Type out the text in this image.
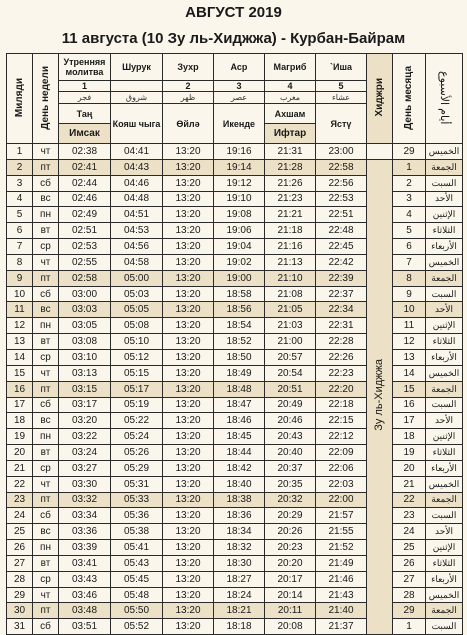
АВГУСТ 2019
11 августа (10 Зу ль-Хиджжа) - Курбан-Байрам
Миляди	День недели	Утренняя молитва	Шурук	Зухр	Аср	Магриб	`Иша	Хиджри	День месяца	أيام الأسبوع
		1		2	3	4	5			
		فجر	شروق	ظهر	عصر	مغرب	عشاء			
		Таң	Кояш чыга	Өйлә	Икенде	Ахшам	Ястү			
		Имсак				Ифтар				
1	чт	02:38	04:41	13:20	19:16	21:31	23:00		29	الخميس
2	пт	02:41	04:43	13:20	19:14	21:28	22:58	Зу ль-Хиджжа	1	الجمعة
3	сб	02:44	04:46	13:20	19:12	21:26	22:56		2	السبت
4	вс	02:46	04:48	13:20	19:10	21:23	22:53		3	الأحد
5	пн	02:49	04:51	13:20	19:08	21:21	22:51		4	الإثنين
6	вт	02:51	04:53	13:20	19:06	21:18	22:48		5	الثلاثاء
7	ср	02:53	04:56	13:20	19:04	21:16	22:45		6	الأربعاء
8	чт	02:55	04:58	13:20	19:02	21:13	22:42		7	الخميس
9	пт	02:58	05:00	13:20	19:00	21:10	22:39		8	الجمعة
10	сб	03:00	05:03	13:20	18:58	21:08	22:37		9	السبت
11	вс	03:03	05:05	13:20	18:56	21:05	22:34		10	الأحد
12	пн	03:05	05:08	13:20	18:54	21:03	22:31		11	الإثنين
13	вт	03:08	05:10	13:20	18:52	21:00	22:28		12	الثلاثاء
14	ср	03:10	05:12	13:20	18:50	20:57	22:26		13	الأربعاء
15	чт	03:13	05:15	13:20	18:49	20:54	22:23		14	الخميس
16	пт	03:15	05:17	13:20	18:48	20:51	22:20		15	الجمعة
17	сб	03:17	05:19	13:20	18:47	20:49	22:18		16	السبت
18	вс	03:20	05:22	13:20	18:46	20:46	22:15		17	الأحد
19	пн	03:22	05:24	13:20	18:45	20:43	22:12		18	الإثنين
20	вт	03:24	05:26	13:20	18:44	20:40	22:09		19	الثلاثاء
21	ср	03:27	05:29	13:20	18:42	20:37	22:06		20	الأربعاء
22	чт	03:30	05:31	13:20	18:40	20:35	22:03		21	الخميس
23	пт	03:32	05:33	13:20	18:38	20:32	22:00		22	الجمعة
24	сб	03:34	05:36	13:20	18:36	20:29	21:57		23	السبت
25	вс	03:36	05:38	13:20	18:34	20:26	21:55		24	الأحد
26	пн	03:39	05:41	13:20	18:32	20:23	21:52		25	الإثنين
27	вт	03:41	05:43	13:20	18:30	20:20	21:49		26	الثلاثاء
28	ср	03:43	05:45	13:20	18:27	20:17	21:46		27	الأربعاء
29	чт	03:46	05:48	13:20	18:24	20:14	21:43		28	الخميس
30	пт	03:48	05:50	13:20	18:21	20:11	21:40		29	الجمعة
31	сб	03:51	05:52	13:20	18:18	20:08	21:37		1	السبت
